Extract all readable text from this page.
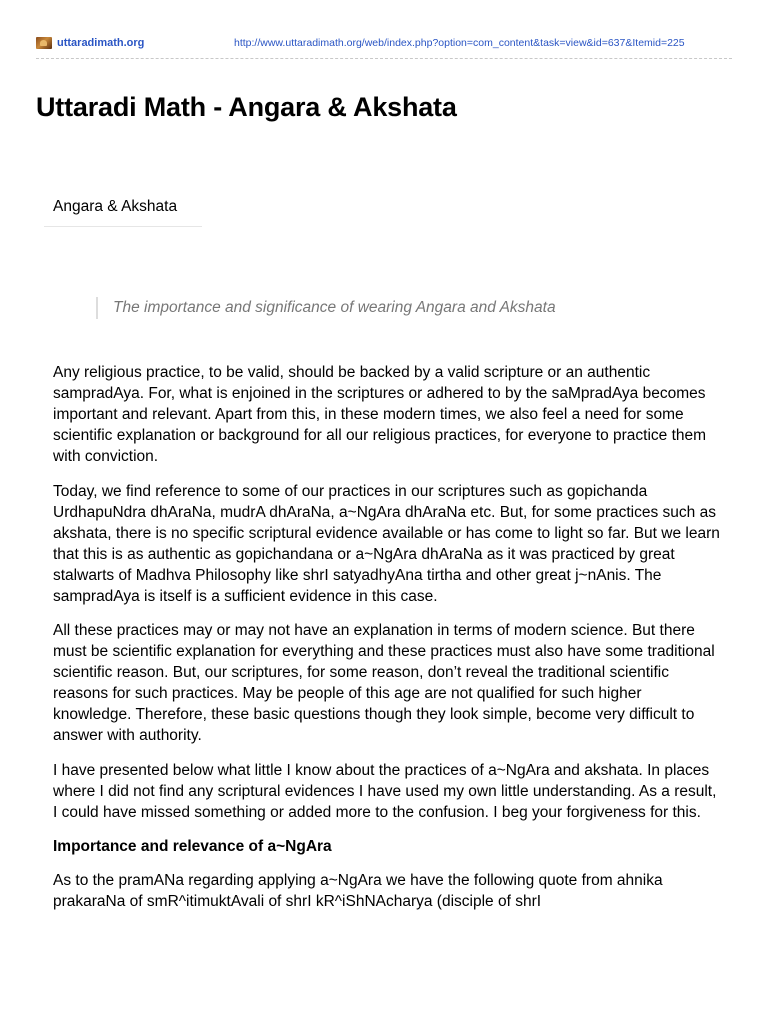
uttaradimath.org	http://www.uttaradimath.org/web/index.php?option=com_content&task=view&id=637&Itemid=225
Uttaradi Math - Angara & Akshata
Angara & Akshata
The importance and significance of wearing Angara and Akshata

Any religious practice, to be valid, should be backed by a valid scripture or an authentic sampradAya. For, what is enjoined in the scriptures or adhered to by the saMpradAya becomes important and relevant. Apart from this, in these modern times, we also feel a need for some scientific explanation or background for all our religious practices, for everyone to practice them with conviction.

Today, we find reference to some of our practices in our scriptures such as gopichanda UrdhapuNdra dhAraNa, mudrA dhAraNa, a~NgAra dhAraNa etc. But, for some practices such as akshata, there is no specific scriptural evidence available or has come to light so far. But we learn that this is as authentic as gopichandana or a~NgAra dhAraNa as it was practiced by great stalwarts of Madhva Philosophy like shrI satyadhyAna tirtha and other great j~nAnis. The sampradAya is itself is a sufficient evidence in this case.

All these practices may or may not have an explanation in terms of modern science. But there must be scientific explanation for everything and these practices must also have some traditional scientific reason. But, our scriptures, for some reason, don’t reveal the traditional scientific reasons for such practices. May be people of this age are not qualified for such higher knowledge. Therefore, these basic questions though they look simple, become very difficult to answer with authority.

I have presented below what little I know about the practices of a~NgAra and akshata. In places where I did not find any scriptural evidences I have used my own little understanding. As a result, I could have missed something or added more to the confusion. I beg your forgiveness for this.

Importance and relevance of a~NgAra

As to the pramANa regarding applying a~NgAra we have the following quote from ahnika prakaraNa of smR^itimuktAvali of shrI kR^iShNAcharya (disciple of shrI
